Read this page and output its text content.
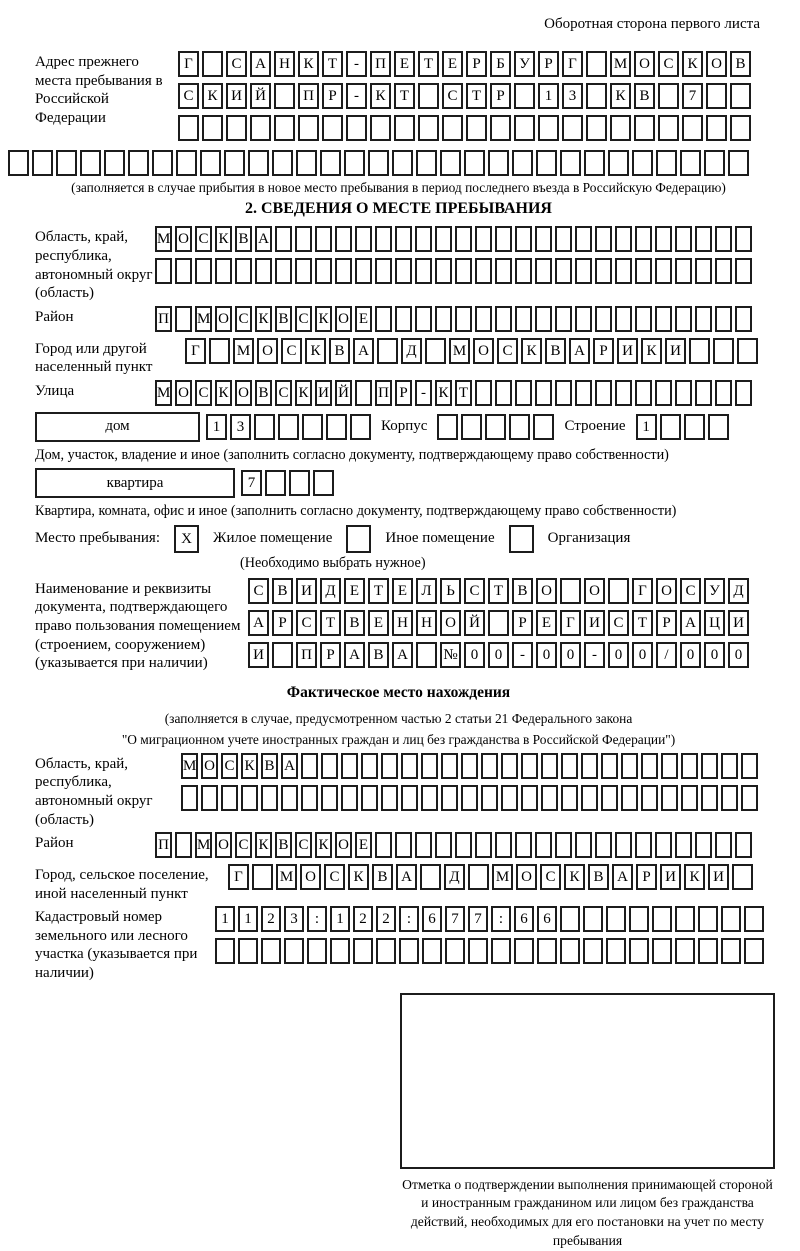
Оборотная сторона первого листа
Адрес прежнего места пребывания в Российской Федерации
Г	С А Н К Т	-	П Е Т Е	Р	Б У Р	Г	М О С К О В
С К И Й	П Р	-	К Т	С Т	Р	1	3	К В	7
(заполняется в случае прибытия в новое место пребывания в период последнего въезда в Российскую Федерацию)
2. СВЕДЕНИЯ О МЕСТЕ ПРЕБЫВАНИЯ
Область, край, республика, автономный округ (область)
М О С К В А
Район	П М О С К В С К О Е
Город или другой населенный пункт
Г	М О С К В А	Д	М О С К В А Р И К И
Улица	М О С К О В С К И Й П Р - К Т
дом	1	3	Корпус	Строение	1
Дом, участок, владение и иное (заполнить согласно документу, подтверждающему право собственности)
квартира	7
Квартира, комната, офис и иное (заполнить согласно документу, подтверждающему право собственности)
Место пребывания:	X	Жилое помещение	Иное помещение	Организация
(Необходимо выбрать нужное)
Наименование и реквизиты документа, подтверждающего право пользования помещением (строением, сооружением) (указывается при наличии)
С В И Д Е Т Е Л Ь С Т В О	О	Г О С У Д
А Р С Т В Е Н Н О Й	Р	Е	Г И С Т	Р А Ц И
И	П Р А В А	№ 0	0	-	0	0	-	0	0	/	0	0	0
Фактическое место нахождения
(заполняется в случае, предусмотренном частью 2 статьи 21 Федерального закона
"О миграционном учете иностранных граждан и лиц без гражданства в Российской Федерации")
Область, край, республика, автономный округ (область)
М О С К В А
Район	П М О С К В С К О Е
Город, сельское поселение, иной населенный пункт
Г	М О С К В А	Д	М О С К В А Р И К И
Кадастровый номер земельного или лесного участка (указывается при наличии)
1	1	2	3	:	1	2	2	:	6	7	7	:	6	6
Отметка о подтверждении выполнения принимающей стороной и иностранным гражданином или лицом без гражданства действий, необходимых для его постановки на учет по месту пребывания
